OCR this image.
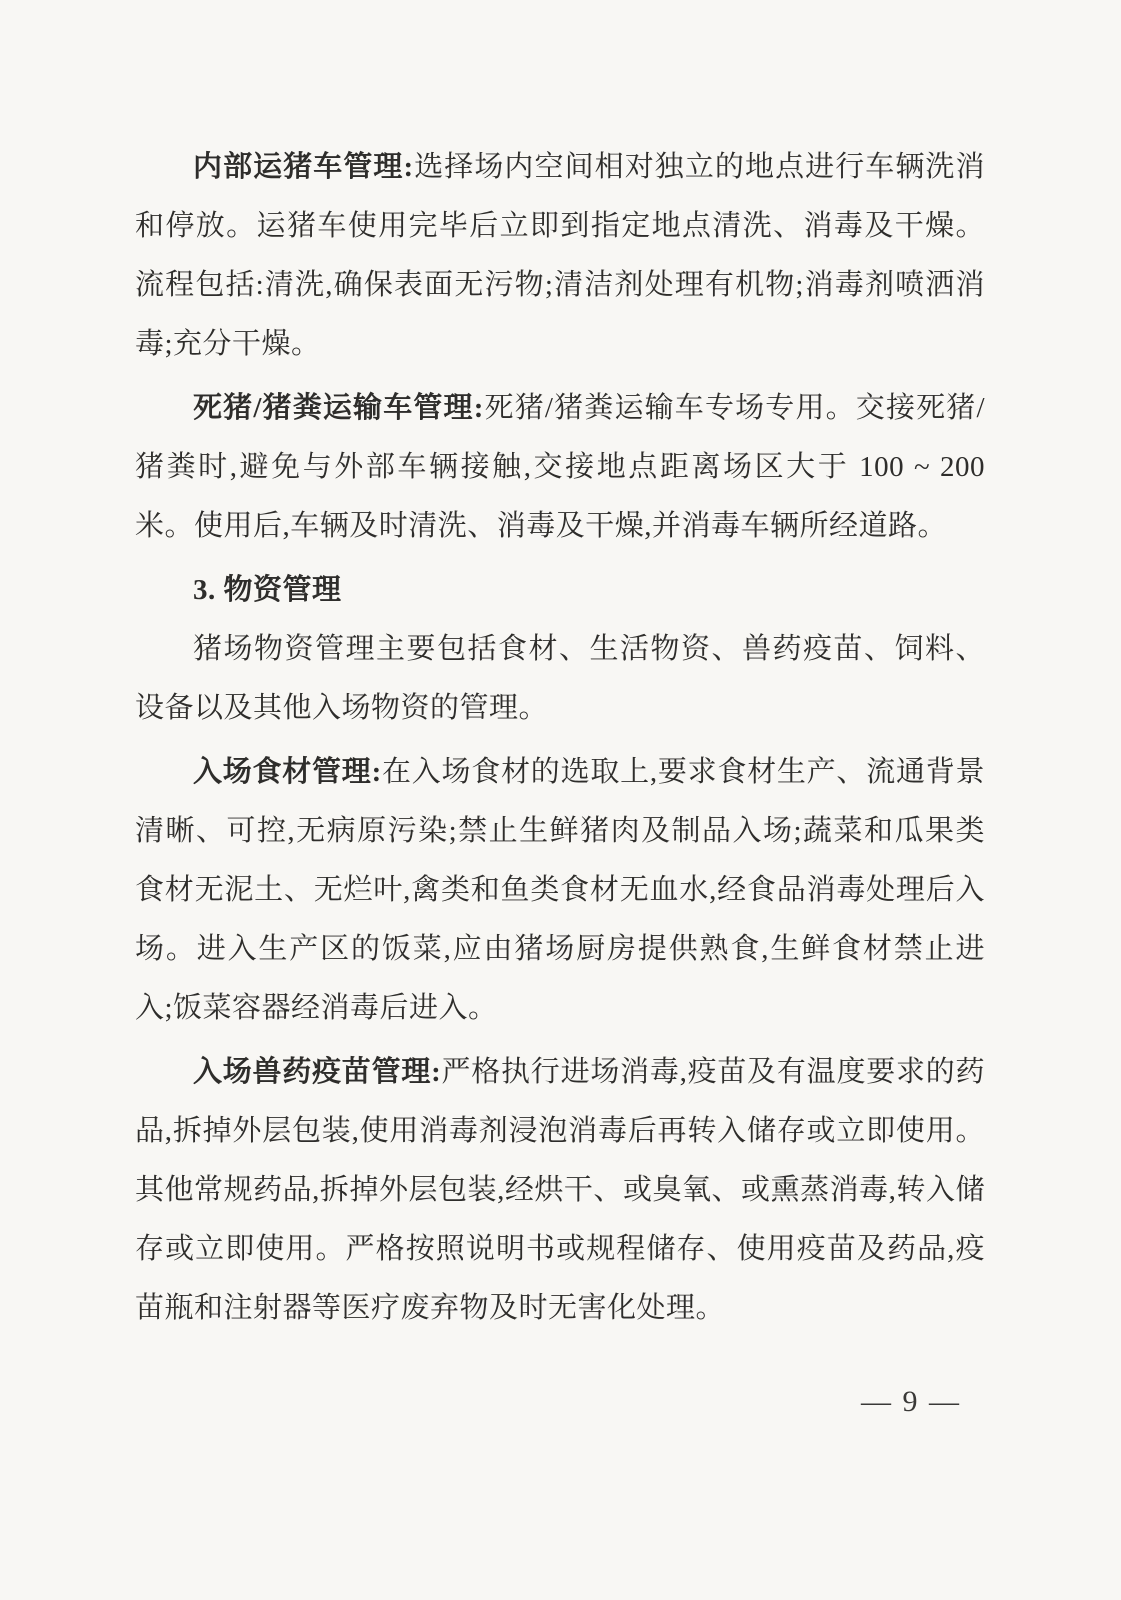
内部运猪车管理:选择场内空间相对独立的地点进行车辆洗消和停放。运猪车使用完毕后立即到指定地点清洗、消毒及干燥。流程包括:清洗,确保表面无污物;清洁剂处理有机物;消毒剂喷洒消毒;充分干燥。

死猪/猪粪运输车管理:死猪/猪粪运输车专场专用。交接死猪/猪粪时,避免与外部车辆接触,交接地点距离场区大于 100 ~ 200 米。使用后,车辆及时清洗、消毒及干燥,并消毒车辆所经道路。

3. 物资管理

猪场物资管理主要包括食材、生活物资、兽药疫苗、饲料、设备以及其他入场物资的管理。

入场食材管理:在入场食材的选取上,要求食材生产、流通背景清晰、可控,无病原污染;禁止生鲜猪肉及制品入场;蔬菜和瓜果类食材无泥土、无烂叶,禽类和鱼类食材无血水,经食品消毒处理后入场。进入生产区的饭菜,应由猪场厨房提供熟食,生鲜食材禁止进入;饭菜容器经消毒后进入。

入场兽药疫苗管理:严格执行进场消毒,疫苗及有温度要求的药品,拆掉外层包装,使用消毒剂浸泡消毒后再转入储存或立即使用。其他常规药品,拆掉外层包装,经烘干、或臭氧、或熏蒸消毒,转入储存或立即使用。严格按照说明书或规程储存、使用疫苗及药品,疫苗瓶和注射器等医疗废弃物及时无害化处理。

— 9 —
